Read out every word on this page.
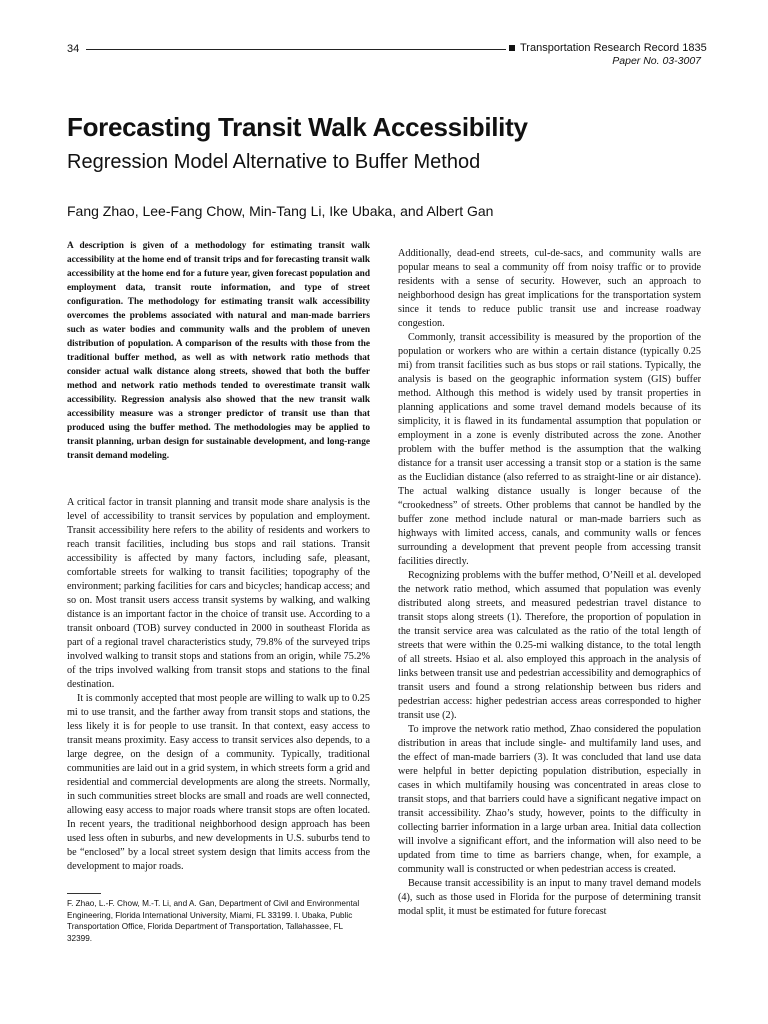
34	Transportation Research Record 1835
Paper No. 03-3007
Forecasting Transit Walk Accessibility
Regression Model Alternative to Buffer Method
Fang Zhao, Lee-Fang Chow, Min-Tang Li, Ike Ubaka, and Albert Gan
A description is given of a methodology for estimating transit walk accessibility at the home end of transit trips and for forecasting transit walk accessibility at the home end for a future year, given forecast population and employment data, transit route information, and type of street configuration. The methodology for estimating transit walk accessibility overcomes the problems associated with natural and man-made barriers such as water bodies and community walls and the problem of uneven distribution of population. A comparison of the results with those from the traditional buffer method, as well as with network ratio methods that consider actual walk distance along streets, showed that both the buffer method and network ratio methods tended to overestimate transit walk accessibility. Regression analysis also showed that the new transit walk accessibility measure was a stronger predictor of transit use than that produced using the buffer method. The methodologies may be applied to transit planning, urban design for sustainable development, and long-range transit demand modeling.

A critical factor in transit planning and transit mode share analysis is the level of accessibility to transit services by population and employment. Transit accessibility here refers to the ability of residents and workers to reach transit facilities, including bus stops and rail stations. Transit accessibility is affected by many factors, including safe, pleasant, comfortable streets for walking to transit facilities; topography of the environment; parking facilities for cars and bicycles; handicap access; and so on. Most transit users access transit systems by walking, and walking distance is an important factor in the choice of transit use. According to a transit onboard (TOB) survey conducted in 2000 in southeast Florida as part of a regional travel characteristics study, 79.8% of the surveyed trips involved walking to transit stops and stations from an origin, while 75.2% of the trips involved walking from transit stops and stations to the final destination.

It is commonly accepted that most people are willing to walk up to 0.25 mi to use transit, and the farther away from transit stops and stations, the less likely it is for people to use transit. In that context, easy access to transit means proximity. Easy access to transit services also depends, to a large degree, on the design of a community. Typically, traditional communities are laid out in a grid system, in which streets form a grid and residential and commercial developments are along the streets. Normally, in such communities street blocks are small and roads are well connected, allowing easy access to major roads where transit stops are often located. In recent years, the traditional neighborhood design approach has been used less often in suburbs, and new developments in U.S. suburbs tend to be “enclosed” by a local street system design that limits access from the development to major roads.

F. Zhao, L.-F. Chow, M.-T. Li, and A. Gan, Department of Civil and Environmental Engineering, Florida International University, Miami, FL 33199. I. Ubaka, Public Transportation Office, Florida Department of Transportation, Tallahassee, FL 32399.

Additionally, dead-end streets, cul-de-sacs, and community walls are popular means to seal a community off from noisy traffic or to provide residents with a sense of security. However, such an approach to neighborhood design has great implications for the transportation system since it tends to reduce public transit use and increase roadway congestion.

Commonly, transit accessibility is measured by the proportion of the population or workers who are within a certain distance (typically 0.25 mi) from transit facilities such as bus stops or rail stations. Typically, the analysis is based on the geographic information system (GIS) buffer method. Although this method is widely used by transit properties in planning applications and some travel demand models because of its simplicity, it is flawed in its fundamental assumption that population or employment in a zone is evenly distributed across the zone. Another problem with the buffer method is the assumption that the walking distance for a transit user accessing a transit stop or a station is the same as the Euclidian distance (also referred to as straight-line or air distance). The actual walking distance usually is longer because of the “crookedness” of streets. Other problems that cannot be handled by the buffer zone method include natural or man-made barriers such as highways with limited access, canals, and community walls or fences surrounding a development that prevent people from accessing transit facilities directly.

Recognizing problems with the buffer method, O’Neill et al. developed the network ratio method, which assumed that population was evenly distributed along streets, and measured pedestrian travel distance to transit stops along streets (1). Therefore, the proportion of population in the transit service area was calculated as the ratio of the total length of streets that were within the 0.25-mi walking distance, to the total length of all streets. Hsiao et al. also employed this approach in the analysis of links between transit use and pedestrian accessibility and demographics of transit users and found a strong relationship between bus riders and pedestrian access: higher pedestrian access areas corresponded to higher transit use (2).

To improve the network ratio method, Zhao considered the population distribution in areas that include single- and multifamily land uses, and the effect of man-made barriers (3). It was concluded that land use data were helpful in better depicting population distribution, especially in cases in which multifamily housing was concentrated in areas close to transit stops, and that barriers could have a significant negative impact on transit accessibility. Zhao’s study, however, points to the difficulty in collecting barrier information in a large urban area. Initial data collection will involve a significant effort, and the information will also need to be updated from time to time as barriers change, when, for example, a community wall is constructed or when pedestrian access is created.

Because transit accessibility is an input to many travel demand models (4), such as those used in Florida for the purpose of determining transit modal split, it must be estimated for future forecast
